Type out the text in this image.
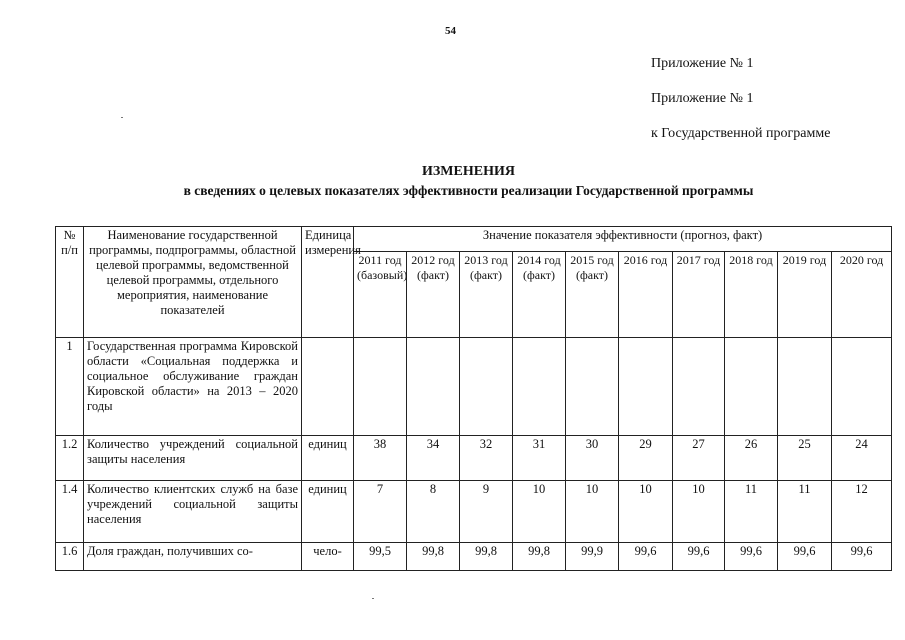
54
Приложение № 1
Приложение № 1
к Государственной программе
ИЗМЕНЕНИЯ
в сведениях о целевых показателях эффективности реализации Государственной программы
№ п/п	Наименование государственной программы, подпрограммы, областной целевой программы, ведомственной целевой программы, отдельного мероприятия, наименование показателей	Единица измерения	Значение показателя эффективности (прогноз, факт)									
			2011 год (базовый)	2012 год (факт)	2013 год (факт)	2014 год (факт)	2015 год (факт)	2016 год	2017 год	2018 год	2019 год	2020 год
1	Государственная программа Кировской области «Социальная поддержка и социальное обслуживание граждан Кировской области» на 2013 – 2020 годы											
1.2	Количество учреждений социальной защиты населения	единиц	38	34	32	31	30	29	27	26	25	24
1.4	Количество клиентских служб на базе учреждений социальной защиты населения	единиц	7	8	9	10	10	10	10	11	11	12
1.6	Доля граждан, получивших со-	чело-	99,5	99,8	99,8	99,8	99,9	99,6	99,6	99,6	99,6	99,6
